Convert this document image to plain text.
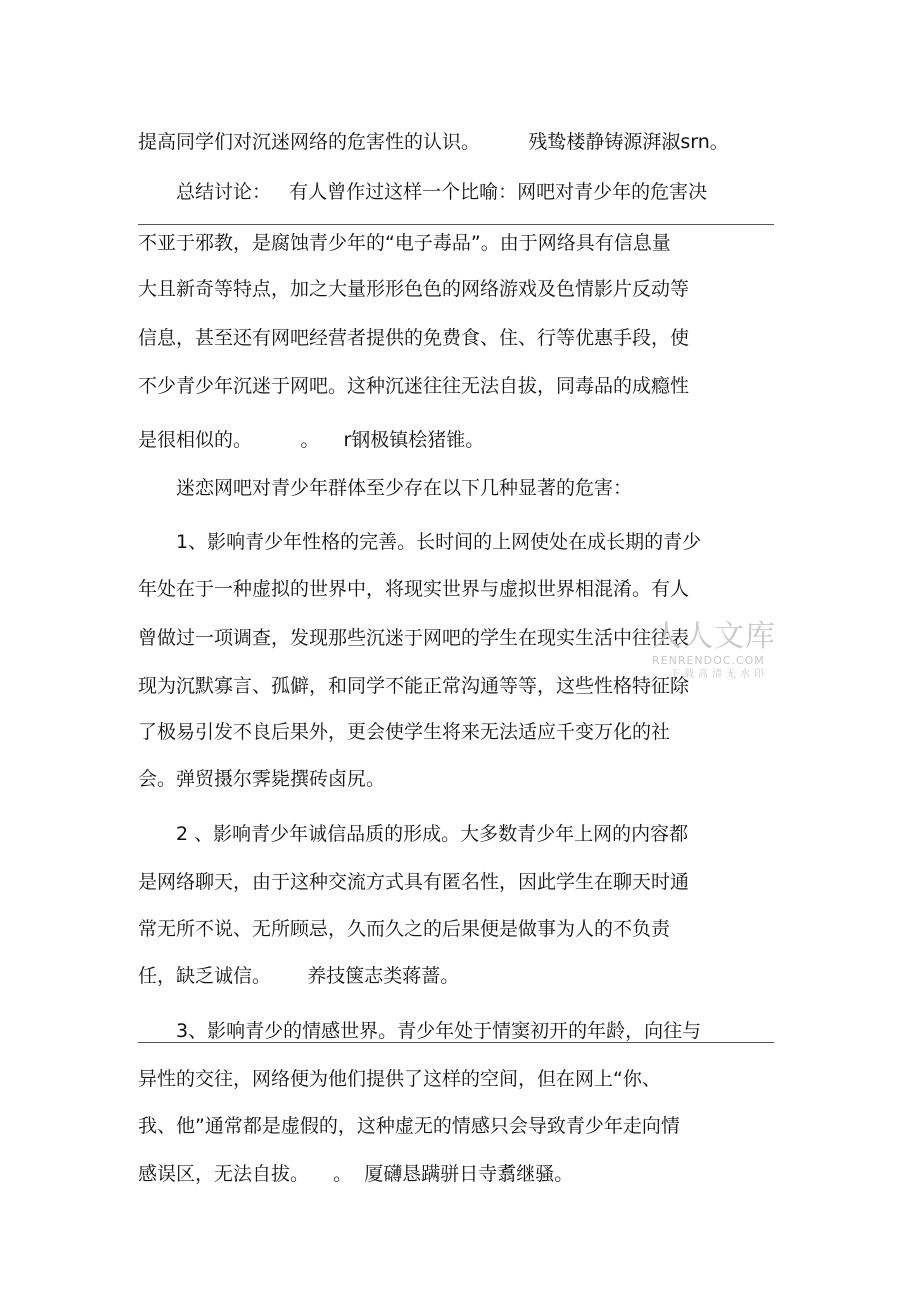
提高同学们对沉迷网络的危害性的认识。        残鸷楼静铸源湃淑srn。
总结讨论：   有人曾作过这样一个比喻：网吧对青少年的危害决
不亚于邪教，是腐蚀青少年的“电子毒品”。由于网络具有信息量
大且新奇等特点，加之大量形形色色的网络游戏及色情影片反动等
信息，甚至还有网吧经营者提供的免费食、住、行等优惠手段，使
不少青少年沉迷于网吧。这种沉迷往往无法自拔，同毒品的成瘾性
是很相似的。        。    r钢极镇桧猪锥。
迷恋网吧对青少年群体至少存在以下几种显著的危害：
1、影响青少年性格的完善。长时间的上网使处在成长期的青少
年处在于一种虚拟的世界中，将现实世界与虚拟世界相混淆。有人
曾做过一项调查，发现那些沉迷于网吧的学生在现实生活中往往表
现为沉默寡言、孤僻，和同学不能正常沟通等等，这些性格特征除
了极易引发不良后果外，更会使学生将来无法适应千变万化的社
会。弹贸摄尔霁毙撰砖卤尻。
2 、影响青少年诚信品质的形成。大多数青少年上网的内容都
是网络聊天，由于这种交流方式具有匿名性，因此学生在聊天时通
常无所不说、无所顾忌，久而久之的后果便是做事为人的不负责
任，缺乏诚信。      养技箧志类蒋蔷。
3、影响青少的情感世界。青少年处于情窦初开的年龄，向往与
异性的交往，网络便为他们提供了这样的空间，但在网上“你、
我、他”通常都是虚假的，这种虚无的情感只会导致青少年走向情
感误区，无法自拔。    。  厦礴恳蹒骈日寺翥继骚。
人人文库
RENRENDOC.COM
下载高清无水印
